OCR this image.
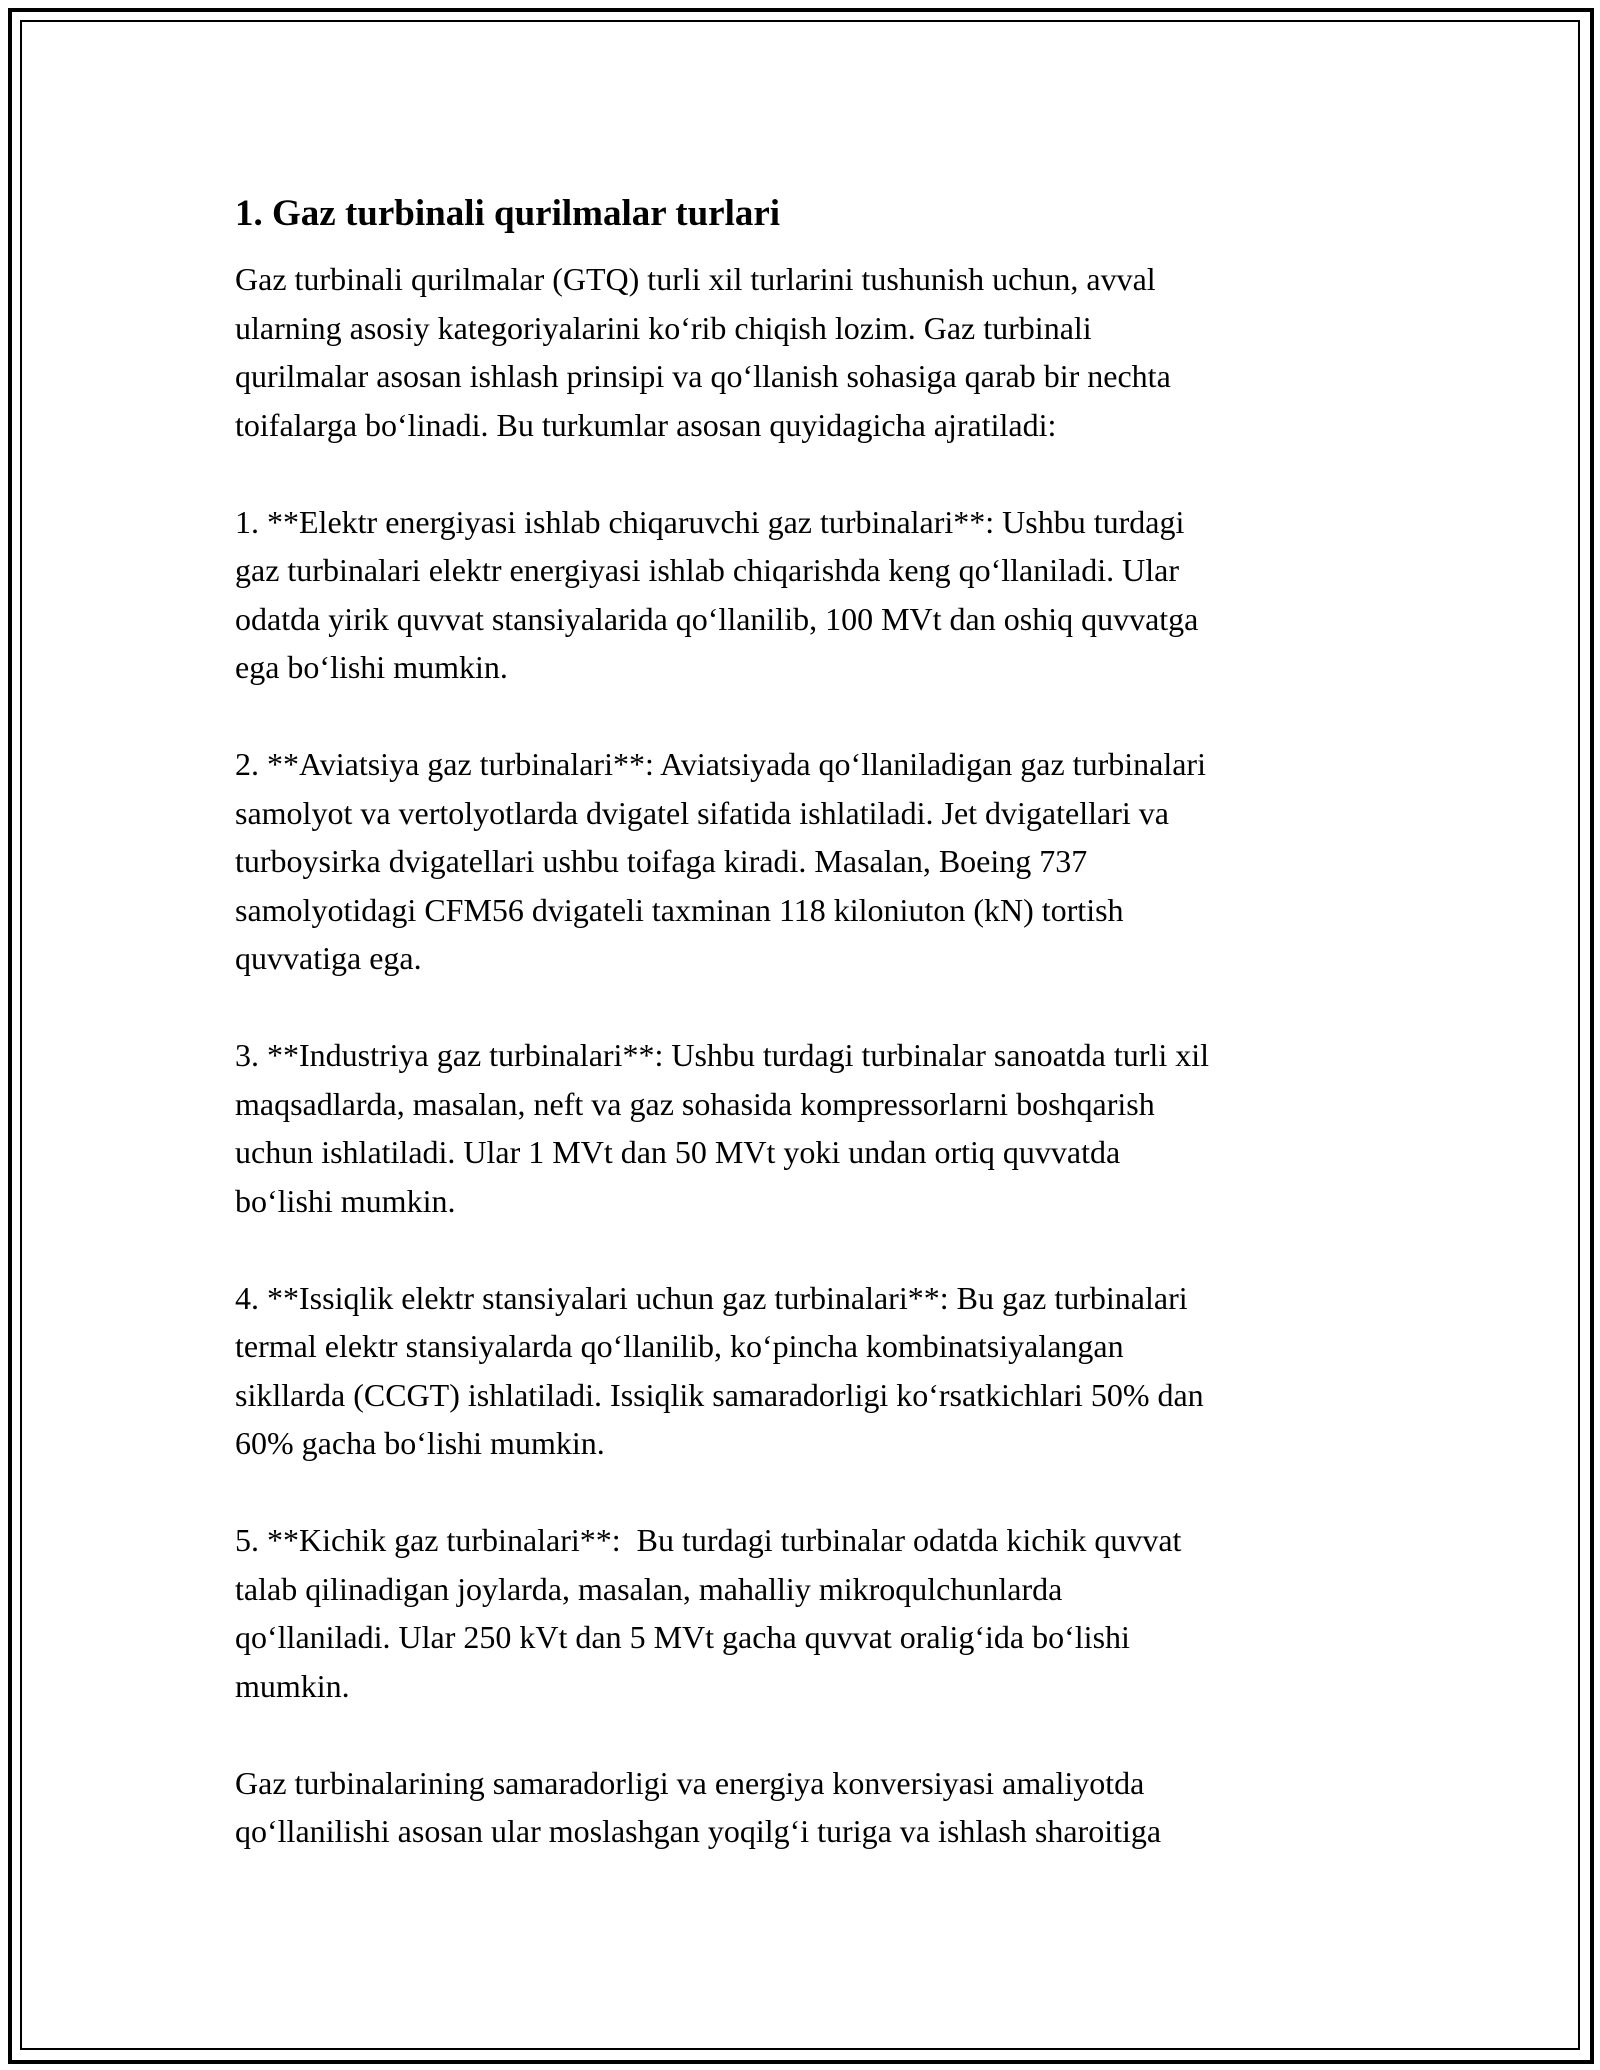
1. Gaz turbinali qurilmalar turlari
Gaz turbinali qurilmalar (GTQ) turli xil turlarini tushunish uchun, avval
ularning asosiy kategoriyalarini ko‘rib chiqish lozim. Gaz turbinali
qurilmalar asosan ishlash prinsipi va qo‘llanish sohasiga qarab bir nechta
toifalarga bo‘linadi. Bu turkumlar asosan quyidagicha ajratiladi:
1. **Elektr energiyasi ishlab chiqaruvchi gaz turbinalari**: Ushbu turdagi
gaz turbinalari elektr energiyasi ishlab chiqarishda keng qo‘llaniladi. Ular
odatda yirik quvvat stansiyalarida qo‘llanilib, 100 MVt dan oshiq quvvatga
ega bo‘lishi mumkin.
2. **Aviatsiya gaz turbinalari**: Aviatsiyada qo‘llaniladigan gaz turbinalari
samolyot va vertolyotlarda dvigatel sifatida ishlatiladi. Jet dvigatellari va
turboysirka dvigatellari ushbu toifaga kiradi. Masalan, Boeing 737
samolyotidagi CFM56 dvigateli taxminan 118 kiloniuton (kN) tortish
quvvatiga ega.
3. **Industriya gaz turbinalari**: Ushbu turdagi turbinalar sanoatda turli xil
maqsadlarda, masalan, neft va gaz sohasida kompressorlarni boshqarish
uchun ishlatiladi. Ular 1 MVt dan 50 MVt yoki undan ortiq quvvatda
bo‘lishi mumkin.
4. **Issiqlik elektr stansiyalari uchun gaz turbinalari**: Bu gaz turbinalari
termal elektr stansiyalarda qo‘llanilib, ko‘pincha kombinatsiyalangan
sikllarda (CCGT) ishlatiladi. Issiqlik samaradorligi ko‘rsatkichlari 50% dan
60% gacha bo‘lishi mumkin.
5. **Kichik gaz turbinalari**:  Bu turdagi turbinalar odatda kichik quvvat
talab qilinadigan joylarda, masalan, mahalliy mikroqulchunlarda
qo‘llaniladi. Ular 250 kVt dan 5 MVt gacha quvvat oralig‘ida bo‘lishi
mumkin.
Gaz turbinalarining samaradorligi va energiya konversiyasi amaliyotda
qo‘llanilishi asosan ular moslashgan yoqilg‘i turiga va ishlash sharoitiga
